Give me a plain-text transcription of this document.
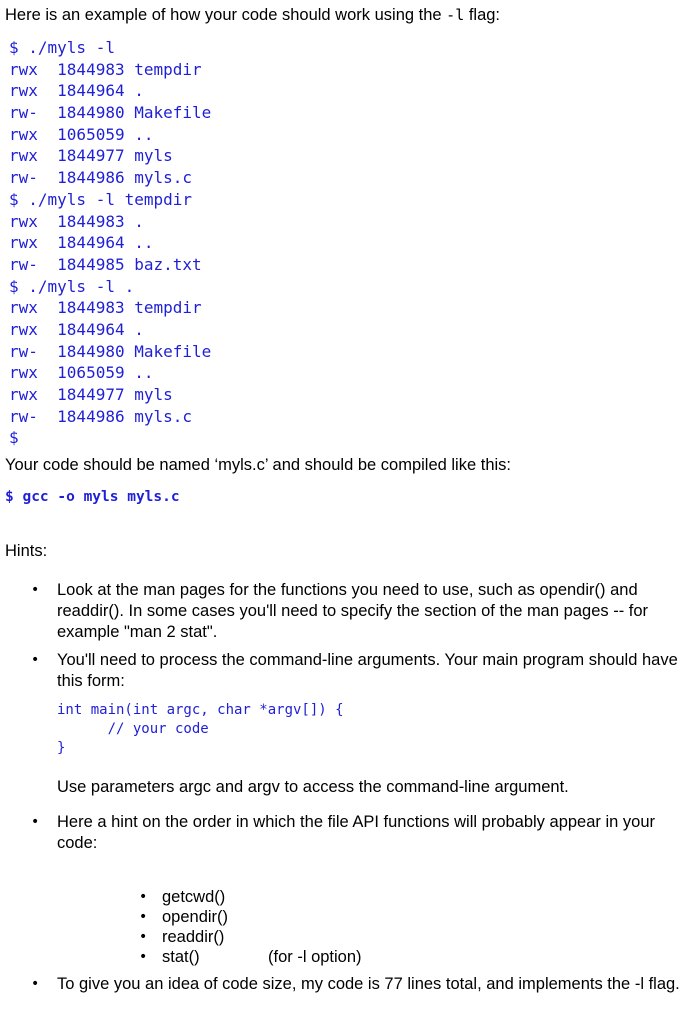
Here is an example of how your code should work using the -l flag:
$ ./myls -l
rwx  1844983 tempdir
rwx  1844964 .
rw-  1844980 Makefile
rwx  1065059 ..
rwx  1844977 myls
rw-  1844986 myls.c
$ ./myls -l tempdir
rwx  1844983 .
rwx  1844964 ..
rw-  1844985 baz.txt
$ ./myls -l .
rwx  1844983 tempdir
rwx  1844964 .
rw-  1844980 Makefile
rwx  1065059 ..
rwx  1844977 myls
rw-  1844986 myls.c
$
Your code should be named ‘myls.c’ and should be compiled like this:
$ gcc -o myls myls.c
Hints:
• Look at the man pages for the functions you need to use, such as opendir() and readdir(). In some cases you'll need to specify the section of the man pages -- for example "man 2 stat".
• You'll need to process the command-line arguments. Your main program should have this form:
int main(int argc, char *argv[]) {
// your code
}
Use parameters argc and argv to access the command-line argument.
• Here a hint on the order in which the file API functions will probably appear in your code:
• getcwd()
• opendir()
• readdir()
• stat()	(for -l option)
• To give you an idea of code size, my code is 77 lines total, and implements the -l flag.
